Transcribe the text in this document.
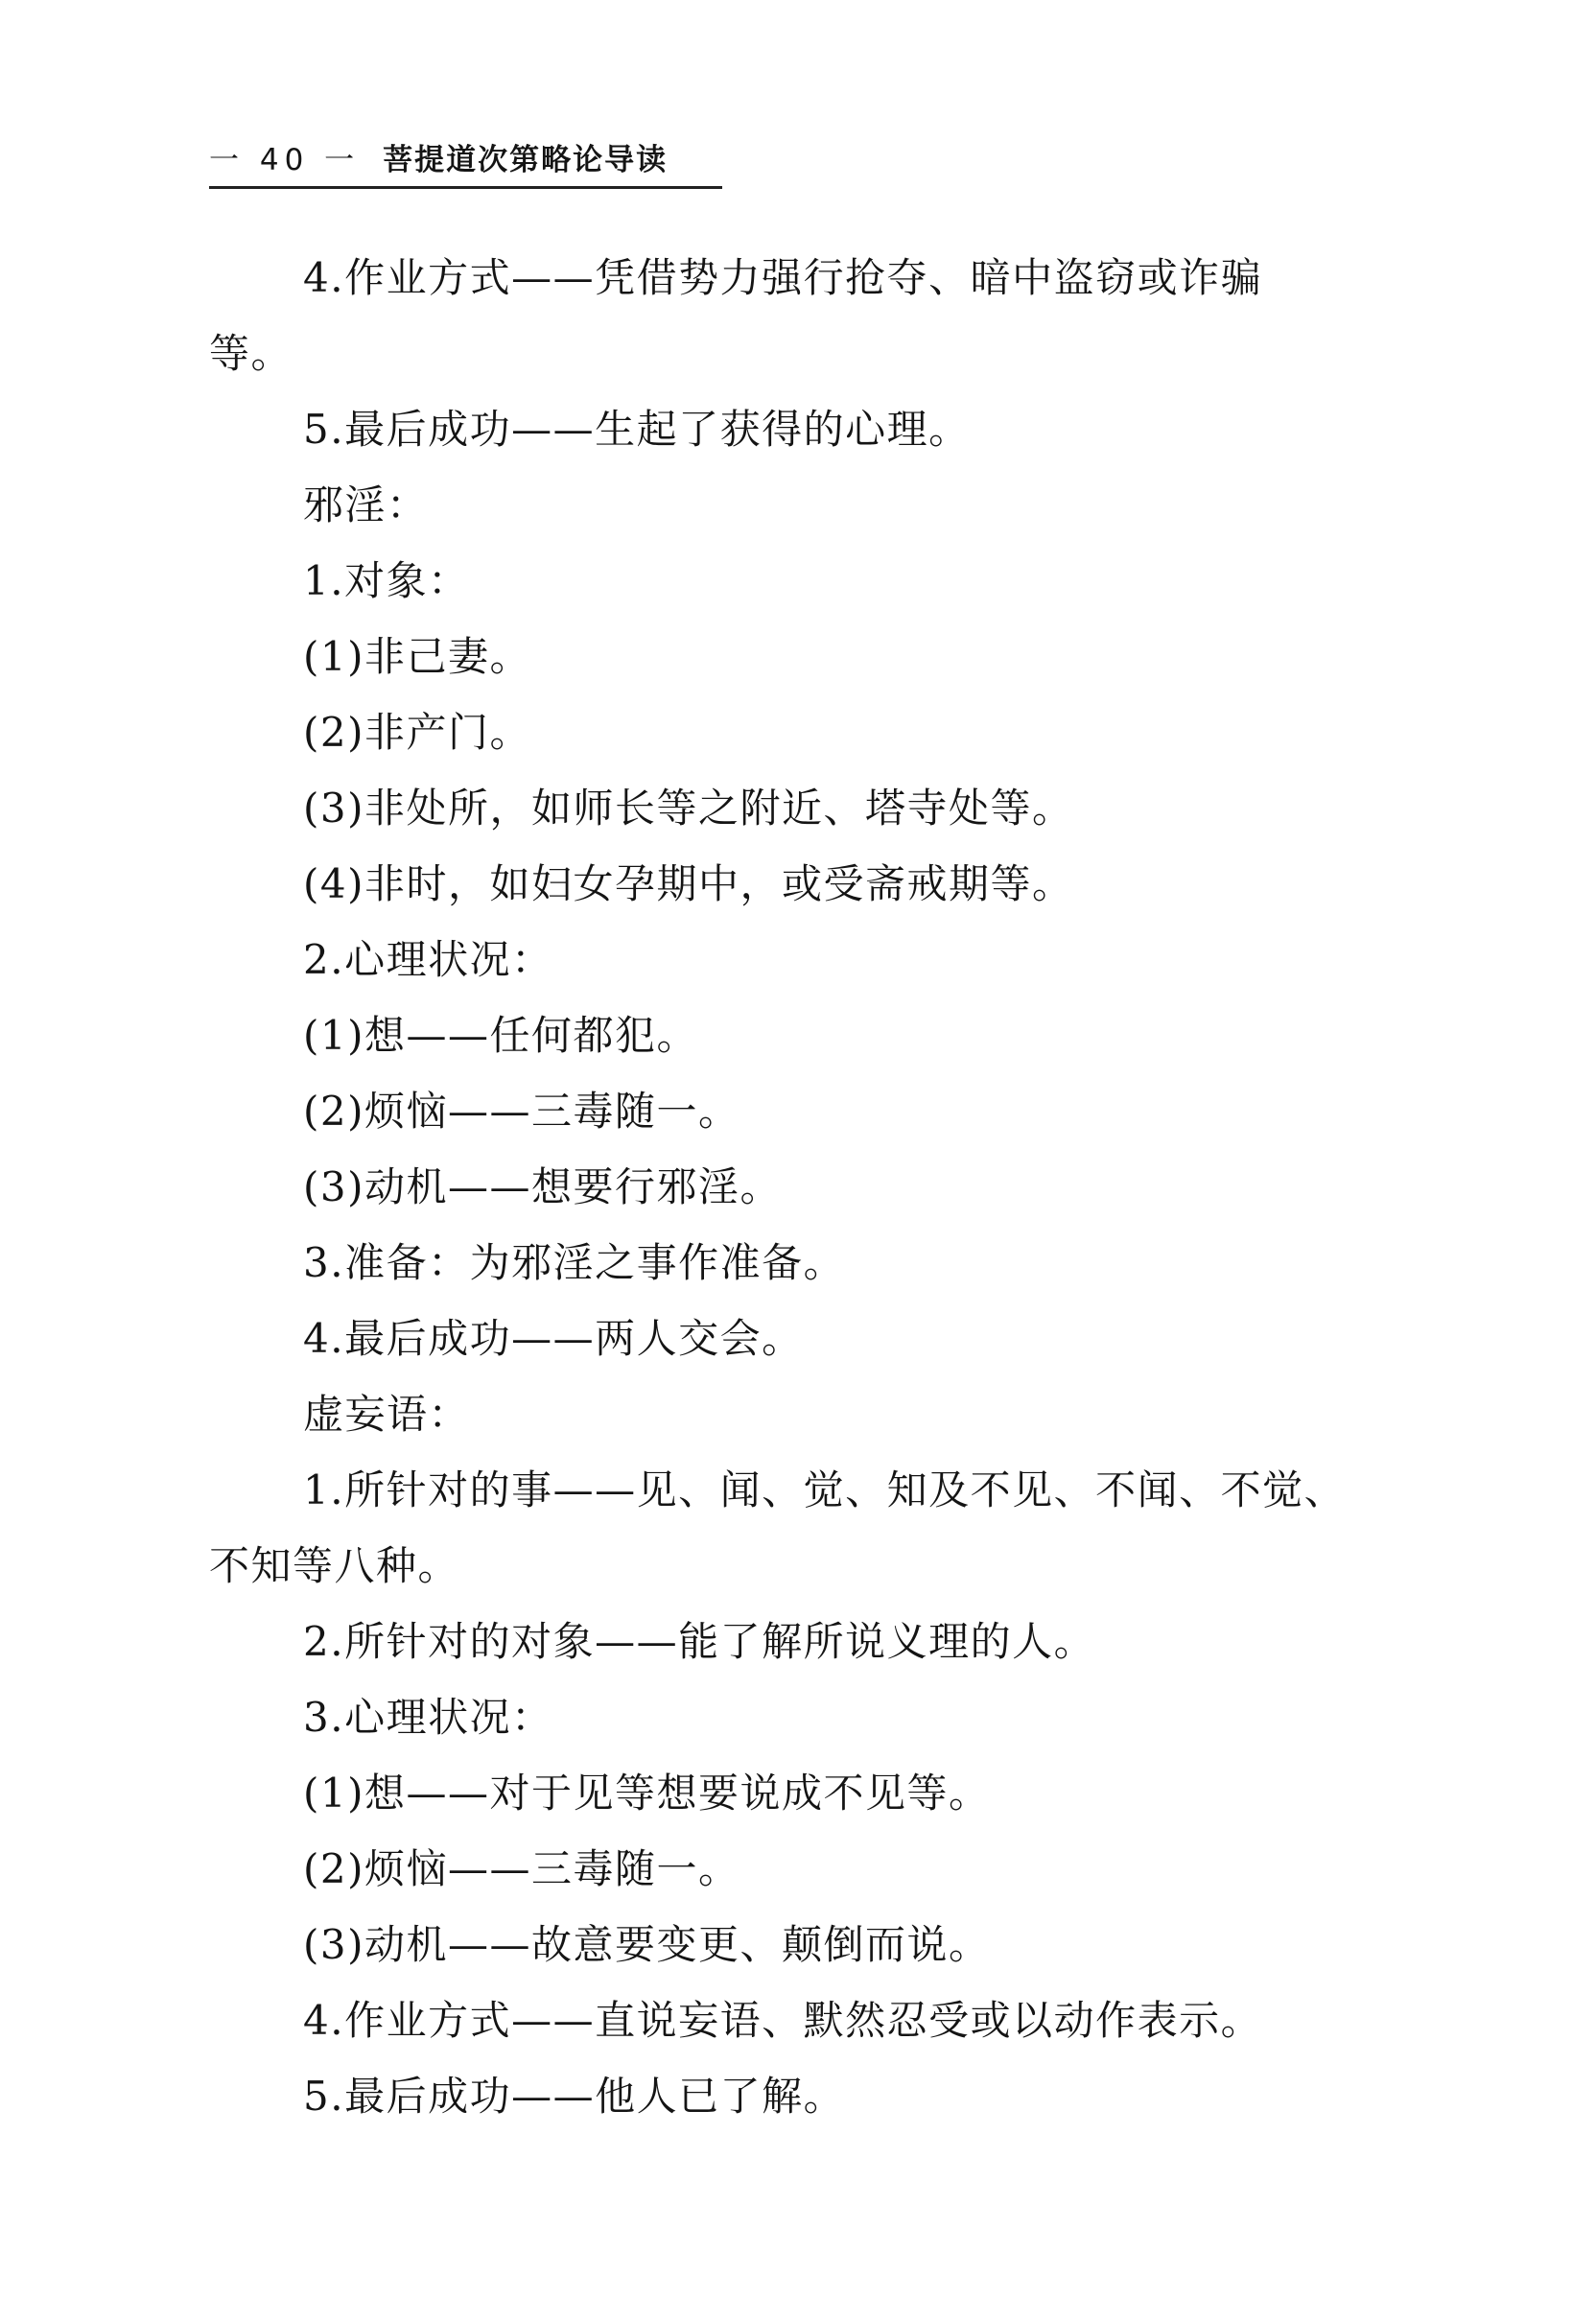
一 40 一 菩提道次第略论导读
4.作业方式——凭借势力强行抢夺、暗中盗窃或诈骗
等。
5.最后成功——生起了获得的心理。
邪淫：
1.对象：
(1)非己妻。
(2)非产门。
(3)非处所，如师长等之附近、塔寺处等。
(4)非时，如妇女孕期中，或受斋戒期等。
2.心理状况：
(1)想——任何都犯。
(2)烦恼——三毒随一。
(3)动机——想要行邪淫。
3.准备：为邪淫之事作准备。
4.最后成功——两人交会。
虚妄语：
1.所针对的事——见、闻、觉、知及不见、不闻、不觉、
不知等八种。
2.所针对的对象——能了解所说义理的人。
3.心理状况：
(1)想——对于见等想要说成不见等。
(2)烦恼——三毒随一。
(3)动机——故意要变更、颠倒而说。
4.作业方式——直说妄语、默然忍受或以动作表示。
5.最后成功——他人已了解。
